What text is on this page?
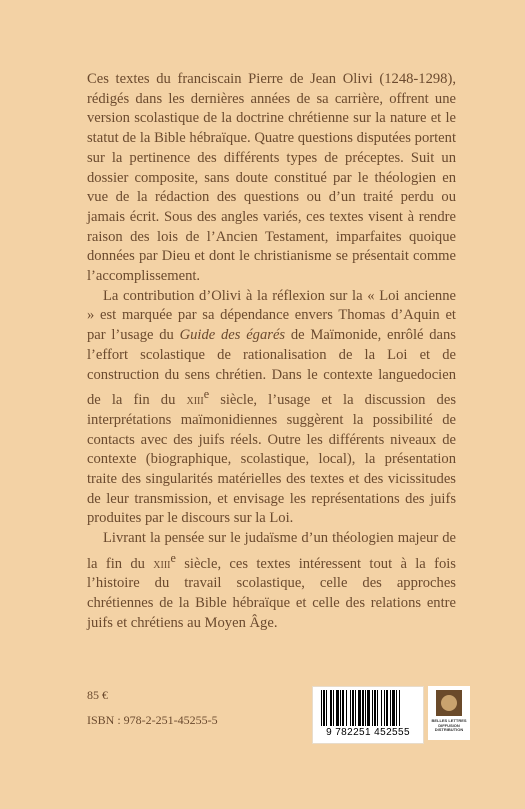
Ces textes du franciscain Pierre de Jean Olivi (1248-1298), rédigés dans les dernières années de sa carrière, offrent une version scolastique de la doctrine chrétienne sur la nature et le statut de la Bible hébraïque. Quatre questions disputées portent sur la pertinence des différents types de préceptes. Suit un dossier composite, sans doute constitué par le théologien en vue de la rédaction des questions ou d’un traité perdu ou jamais écrit. Sous des angles variés, ces textes visent à rendre raison des lois de l’Ancien Testament, imparfaites quoique données par Dieu et dont le christianisme se présentait comme l’accomplissement.

La contribution d’Olivi à la réflexion sur la « Loi ancienne » est marquée par sa dépendance envers Thomas d’Aquin et par l’usage du Guide des égarés de Maïmonide, enrôlé dans l’effort scolastique de rationalisation de la Loi et de construction du sens chrétien. Dans le contexte languedocien de la fin du xiii$^e$ siècle, l’usage et la discussion des interprétations maïmonidiennes suggèrent la possibilité de contacts avec des juifs réels. Outre les différents niveaux de contexte (biographique, scolastique, local), la présentation traite des singularités matérielles des textes et des vicissitudes de leur transmission, et envisage les représentations des juifs produites par le discours sur la Loi.

Livrant la pensée sur le judaïsme d’un théologien majeur de la fin du xiii$^e$ siècle, ces textes intéressent tout à la fois l’histoire du travail scolastique, celle des approches chrétiennes de la Bible hébraïque et celle des relations entre juifs et chrétiens au Moyen Âge.

85 €
ISBN : 978-2-251-45255-5
9 782251 452555
BELLES LETTRES
DIFFUSION
DISTRIBUTION
